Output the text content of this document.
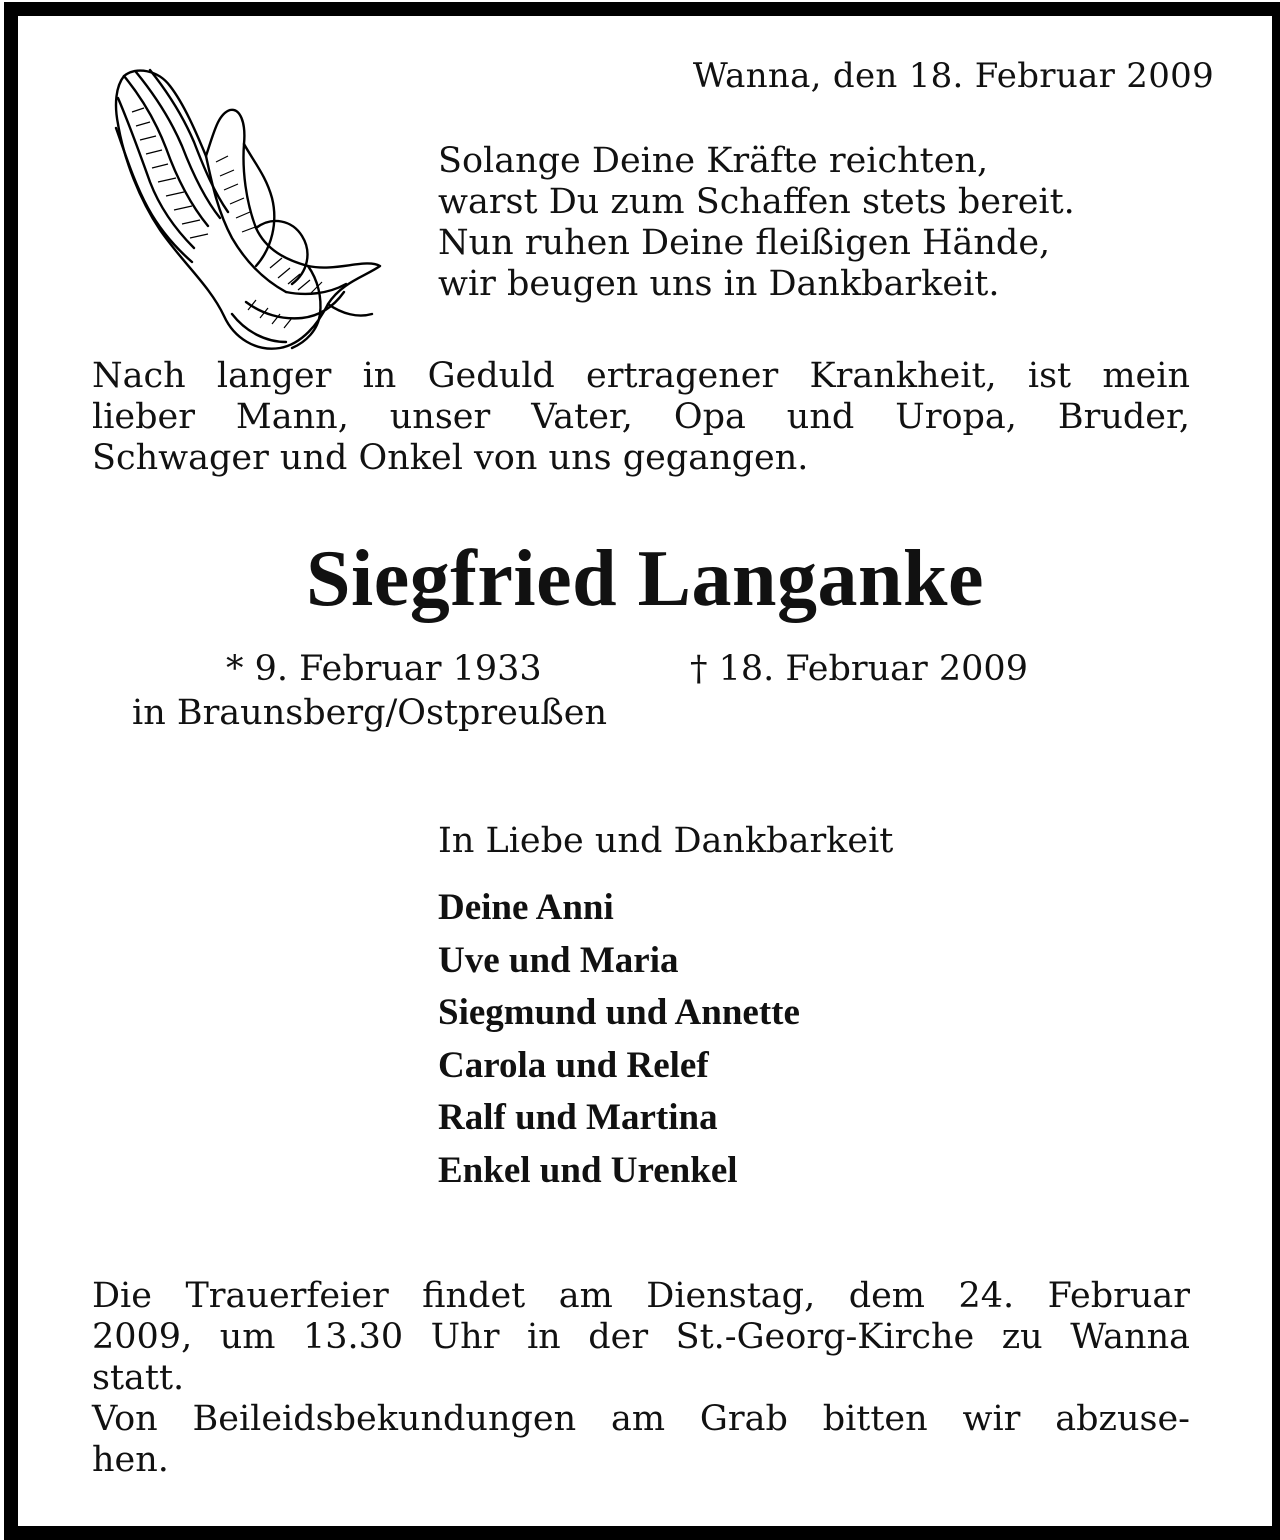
Wanna, den 18. Februar 2009
Solange Deine Kräfte reichten,
warst Du zum Schaffen stets bereit.
Nun ruhen Deine fleißigen Hände,
wir beugen uns in Dankbarkeit.
Nach langer in Geduld ertragener Krankheit, ist mein
lieber Mann, unser Vater, Opa und Uropa, Bruder,
Schwager und Onkel von uns gegangen.
Siegfried Langanke
* 9. Februar 1933	† 18. Februar 2009
in Braunsberg/Ostpreußen
In Liebe und Dankbarkeit
Deine Anni
Uve und Maria
Siegmund und Annette
Carola und Relef
Ralf und Martina
Enkel und Urenkel
Die Trauerfeier findet am Dienstag, dem 24. Februar
2009, um 13.30 Uhr in der St.-Georg-Kirche zu Wanna
statt.
Von Beileidsbekundungen am Grab bitten wir abzuse-
hen.
